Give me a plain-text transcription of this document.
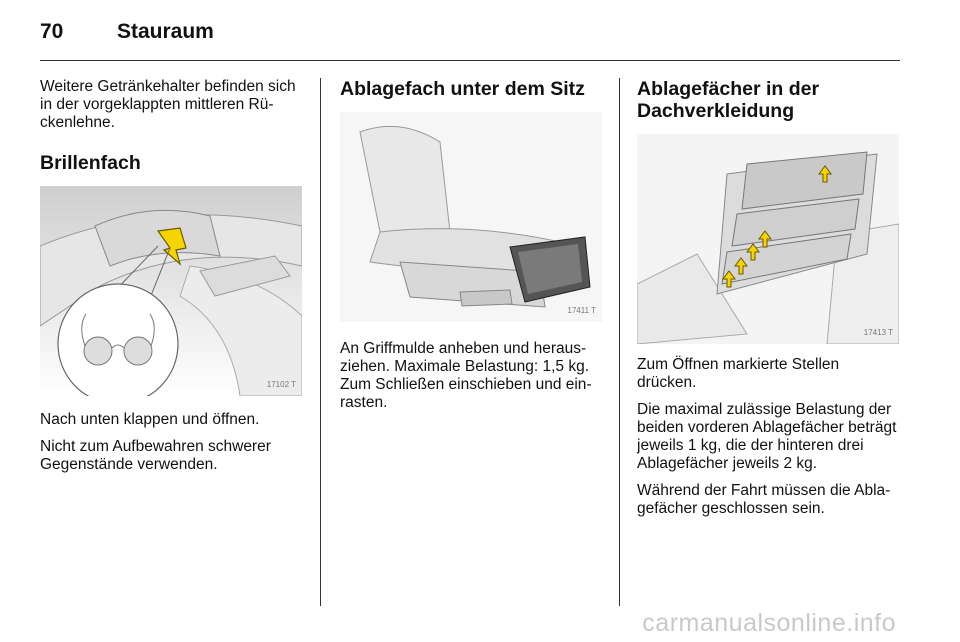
70	Stauraum

Weitere Getränkehalter befinden sich in der vorgeklappten mittleren Rückenlehne.

Brillenfach
17102 T

Nach unten klappen und öffnen.

Nicht zum Aufbewahren schwerer Gegenstände verwenden.

Ablagefach unter dem Sitz
17411 T

An Griffmulde anheben und herausziehen. Maximale Belastung: 1,5 kg. Zum Schließen einschieben und einrasten.

Ablagefächer in der Dachverkleidung
17413 T

Zum Öffnen markierte Stellen drücken.

Die maximal zulässige Belastung der beiden vorderen Ablagefächer beträgt jeweils 1 kg, die der hinteren drei Ablagefächer jeweils 2 kg.

Während der Fahrt müssen die Ablagefächer geschlossen sein.

carmanualsonline.info
